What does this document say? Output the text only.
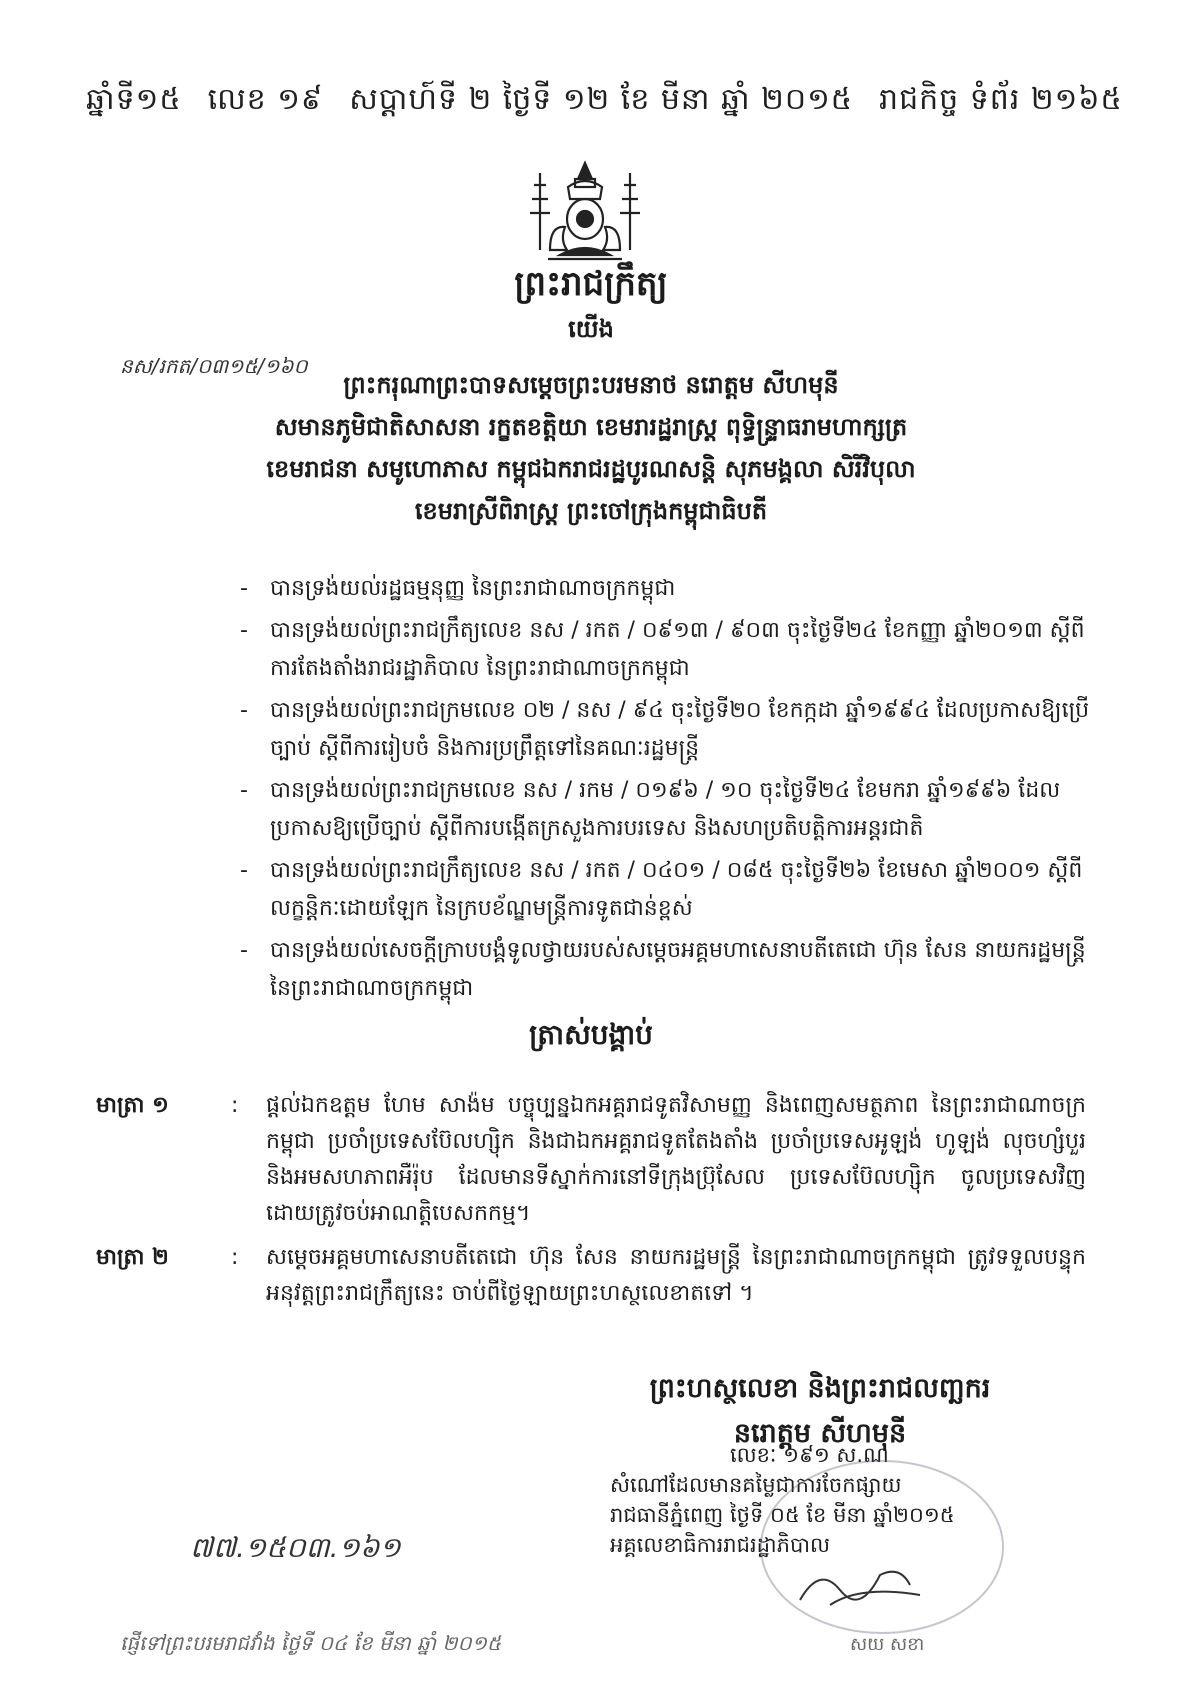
ឆ្នាំទី១៥ លេខ ១៩ សប្ដាហ៍ទី ២ ថ្ងៃទី ១២ ខែ មីនា ឆ្នាំ ២០១៥ រាជកិច្ច ទំព័រ ២១៦៥
ព្រះរាជក្រឹត្យ
នស/រកត/០៣១៥/១៦០
យើង
ព្រះករុណាព្រះបាទសម្ដេចព្រះបរមនាថ នរោត្ដម សីហមុនី
សមានភូមិជាតិសាសនា រក្ខតខត្តិយា ខេមរារដ្ឋរាស្ត្រ ពុទ្ធិន្ទ្រាធរាមហាក្សត្រ
ខេមរាជនា សមូហោភាស កម្ពុជឯករាជរដ្ឋបូរណសន្តិ សុភមង្គលា សិរីវិបុលា
ខេមរាស្រីពិរាស្ត្រ ព្រះចៅក្រុងកម្ពុជាធិបតី
- បានទ្រង់យល់រដ្ឋធម្មនុញ្ញ នៃព្រះរាជាណាចក្រកម្ពុជា
- បានទ្រង់យល់ព្រះរាជក្រឹត្យលេខ នស / រកត / ០៩១៣ / ៩០៣ ចុះថ្ងៃទី២៤ ខែកញ្ញា ឆ្នាំ២០១៣ ស្ដីពីការតែងតាំងរាជរដ្ឋាភិបាល នៃព្រះរាជាណាចក្រកម្ពុជា
- បានទ្រង់យល់ព្រះរាជក្រមលេខ ០២ / នស / ៩៤ ចុះថ្ងៃទី២០ ខែកក្កដា ឆ្នាំ១៩៩៤ ដែលប្រកាសឱ្យប្រើច្បាប់ ស្ដីពីការរៀបចំ និងការប្រព្រឹត្តទៅនៃគណៈរដ្ឋមន្ត្រី
- បានទ្រង់យល់ព្រះរាជក្រមលេខ នស / រកម / ០១៩៦ / ១០ ចុះថ្ងៃទី២៤ ខែមករា ឆ្នាំ១៩៩៦ ដែលប្រកាសឱ្យប្រើច្បាប់ ស្ដីពីការបង្កើតក្រសួងការបរទេស និងសហប្រតិបត្តិការអន្តរជាតិ
- បានទ្រង់យល់ព្រះរាជក្រឹត្យលេខ នស / រកត / ០៤០១ / ០៨៥ ចុះថ្ងៃទី២៦ ខែមេសា ឆ្នាំ២០០១ ស្ដីពីលក្ខន្តិកៈដោយឡែក នៃក្របខ័ណ្ឌមន្ត្រីការទូតជាន់ខ្ពស់
- បានទ្រង់យល់សេចក្ដីក្រាបបង្គំទូលថ្វាយរបស់សម្ដេចអគ្គមហាសេនាបតីតេជោ ហ៊ុន សែន នាយករដ្ឋមន្ត្រី នៃព្រះរាជាណាចក្រកម្ពុជា
ត្រាស់បង្គាប់
មាត្រា ១	: ផ្ដល់ឯកឧត្ដម ហែម សាង៉ម បច្ចុប្បន្នឯកអគ្គរាជទូតវិសាមញ្ញ និងពេញសមត្ថភាព នៃព្រះរាជាណាចក្រកម្ពុជា ប្រចាំប្រទេសប៊ែលហ្ស៊ិក និងជាឯកអគ្គរាជទូតតែងតាំង ប្រចាំប្រទេសអូឡង់ ហូឡង់ លុចហ្សំបួរ និងអមសហភាពអឺរ៉ុប ដែលមានទីស្នាក់ការនៅទីក្រុងប្រ៊ុសែល ប្រទេសប៊ែលហ្ស៊ិក ចូលប្រទេសវិញ ដោយត្រូវចប់អាណត្តិបេសកកម្ម។
មាត្រា ២	: សម្ដេចអគ្គមហាសេនាបតីតេជោ ហ៊ុន សែន នាយករដ្ឋមន្ត្រី នៃព្រះរាជាណាចក្រកម្ពុជា ត្រូវទទួលបន្ទុកអនុវត្តព្រះរាជក្រឹត្យនេះ ចាប់ពីថ្ងៃឡាយព្រះហស្ថលេខាតទៅ ។
ព្រះហស្ថលេខា និងព្រះរាជលញ្ឆករ
នរោត្ដម សីហមុនី
លេខៈ ១៩១ ស.ណ
សំណៅដែលមានគម្លៃជាការចែកផ្សាយ
រាជធានីភ្នំពេញ ថ្ងៃទី ០៥ ខែ មីនា ឆ្នាំ២០១៥
អគ្គលេខាធិការរាជរដ្ឋាភិបាល
៧៧.១៥០៣.១៦១
ផ្ញើទៅព្រះបរមរាជវាំង ថ្ងៃទី ០៤ ខែ មីនា ឆ្នាំ ២០១៥	សយ សខា
